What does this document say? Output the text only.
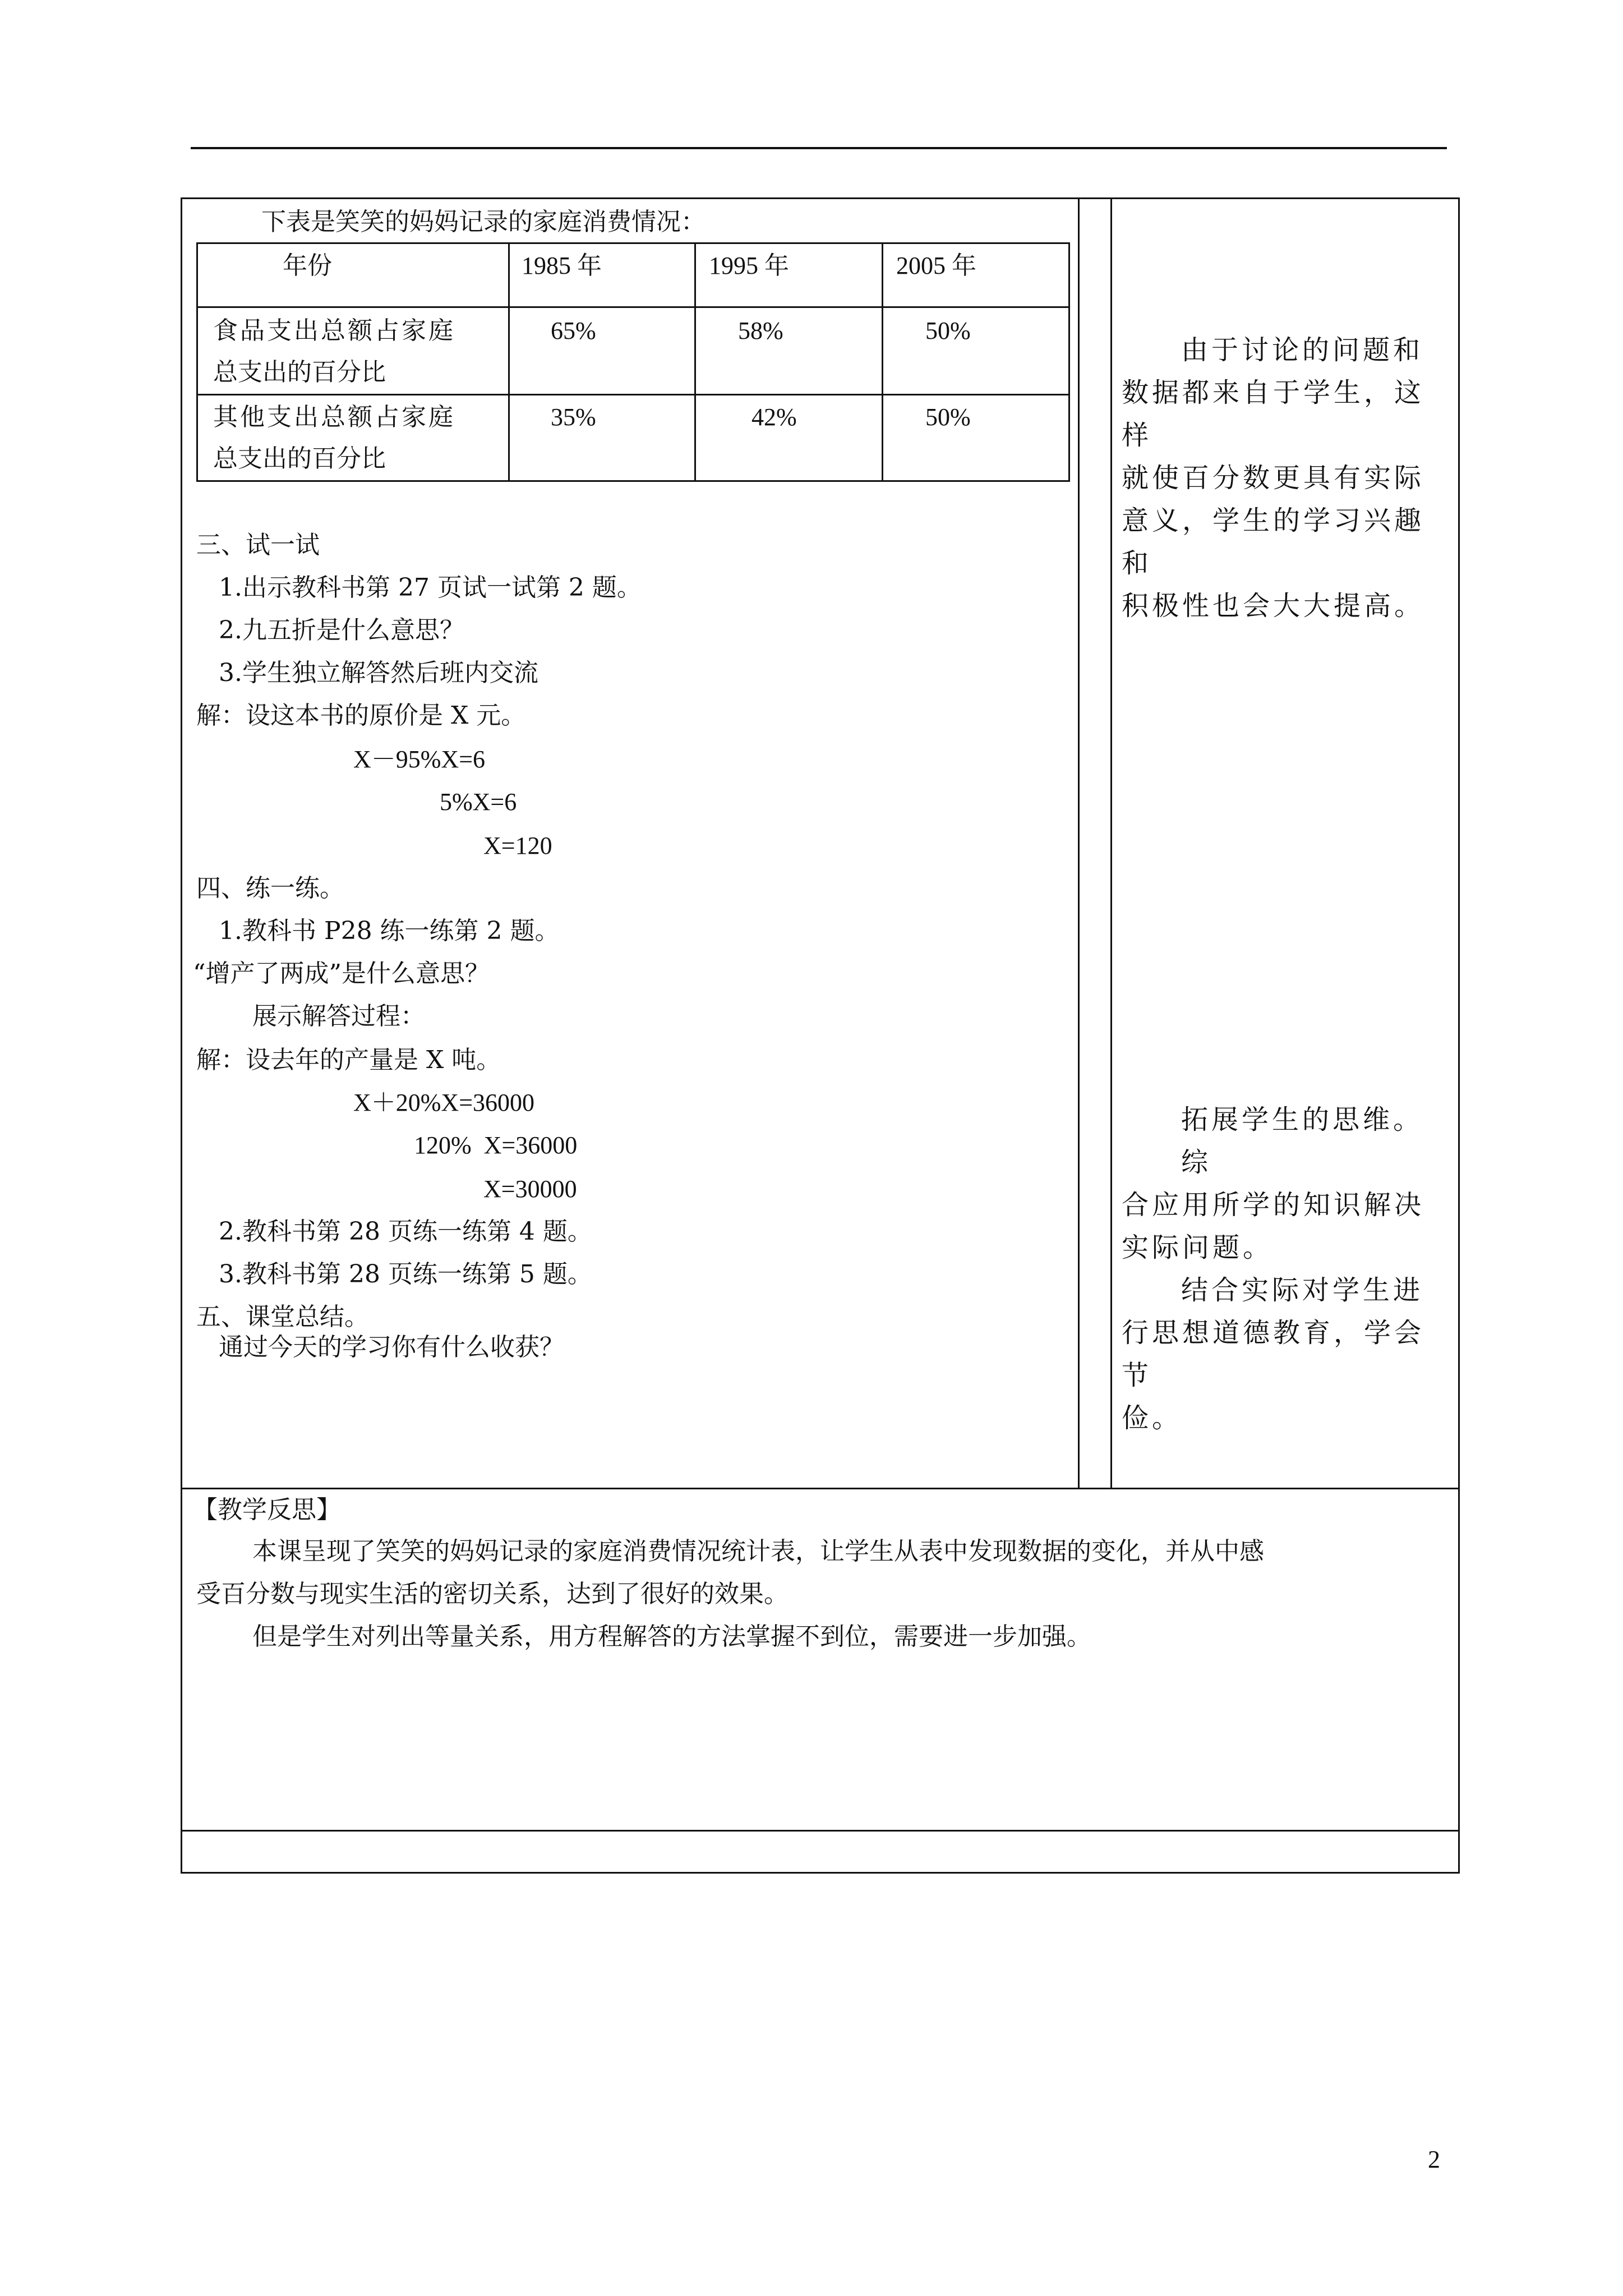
下表是笑笑的妈妈记录的家庭消费情况：
年份	1985 年	1995 年	2005 年
食品支出总额占家庭
总支出的百分比
65%	58%	50%
其他支出总额占家庭
总支出的百分比
35%	42%	50%
三、试一试
1.出示教科书第 27 页试一试第 2 题。
2.九五折是什么意思？
3.学生独立解答然后班内交流
解：设这本书的原价是 X 元。
X－95%X=6
5%X=6
X=120
四、练一练。
1.教科书 P28 练一练第 2 题。
“增产了两成”是什么意思？
展示解答过程：
解：设去年的产量是 X 吨。
X＋20%X=36000
120%  X=36000
X=30000
2.教科书第 28 页练一练第 4 题。
3.教科书第 28 页练一练第 5 题。
五、课堂总结。
通过今天的学习你有什么收获？
由于讨论的问题和
数据都来自于学生，这样
就使百分数更具有实际
意义，学生的学习兴趣和
积极性也会大大提高。
拓展学生的思维。综
合应用所学的知识解决
实际问题。
结合实际对学生进
行思想道德教育，学会节
俭。
【教学反思】
本课呈现了笑笑的妈妈记录的家庭消费情况统计表，让学生从表中发现数据的变化，并从中感
受百分数与现实生活的密切关系，达到了很好的效果。
但是学生对列出等量关系，用方程解答的方法掌握不到位，需要进一步加强。
2
